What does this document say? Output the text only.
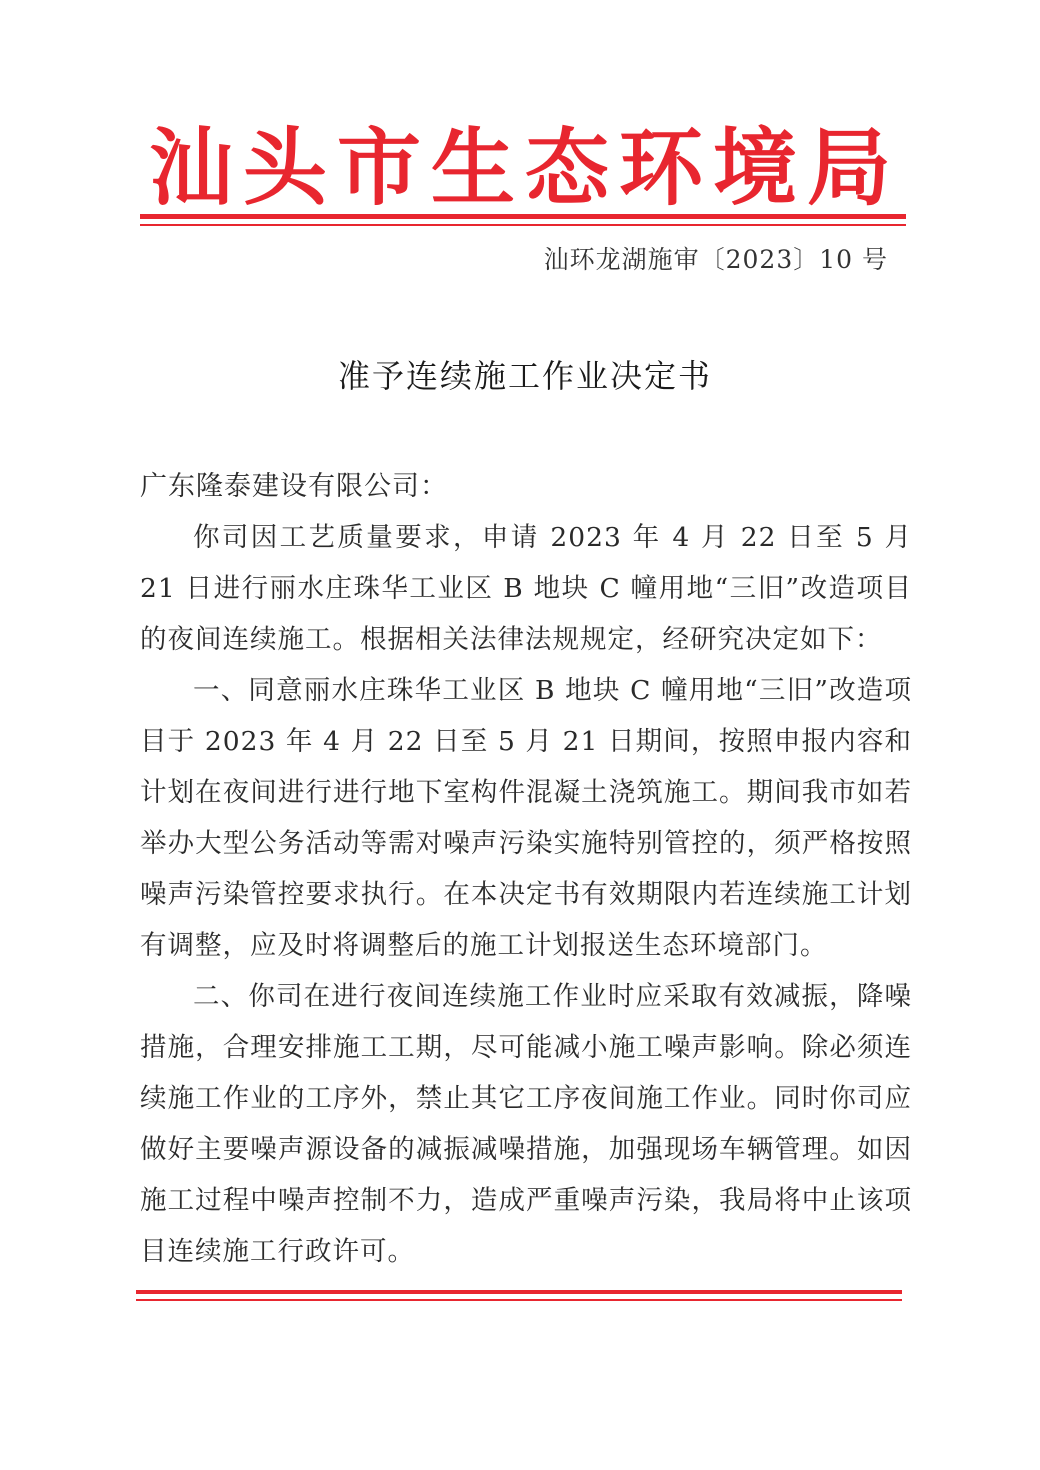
汕头市生态环境局
汕环龙湖施审〔2023〕10 号
准予连续施工作业决定书
广东隆泰建设有限公司：

你司因工艺质量要求，申请 2023 年 4 月 22 日至 5 月 21 日进行丽水庄珠华工业区 B 地块 C 幢用地“三旧”改造项目的夜间连续施工。根据相关法律法规规定，经研究决定如下：

一、同意丽水庄珠华工业区 B 地块 C 幢用地“三旧”改造项目于 2023 年 4 月 22 日至 5 月 21 日期间，按照申报内容和计划在夜间进行进行地下室构件混凝土浇筑施工。期间我市如若举办大型公务活动等需对噪声污染实施特别管控的，须严格按照噪声污染管控要求执行。在本决定书有效期限内若连续施工计划有调整，应及时将调整后的施工计划报送生态环境部门。

二、你司在进行夜间连续施工作业时应采取有效减振，降噪措施，合理安排施工工期，尽可能减小施工噪声影响。除必须连续施工作业的工序外，禁止其它工序夜间施工作业。同时你司应做好主要噪声源设备的减振减噪措施，加强现场车辆管理。如因施工过程中噪声控制不力，造成严重噪声污染，我局将中止该项目连续施工行政许可。
